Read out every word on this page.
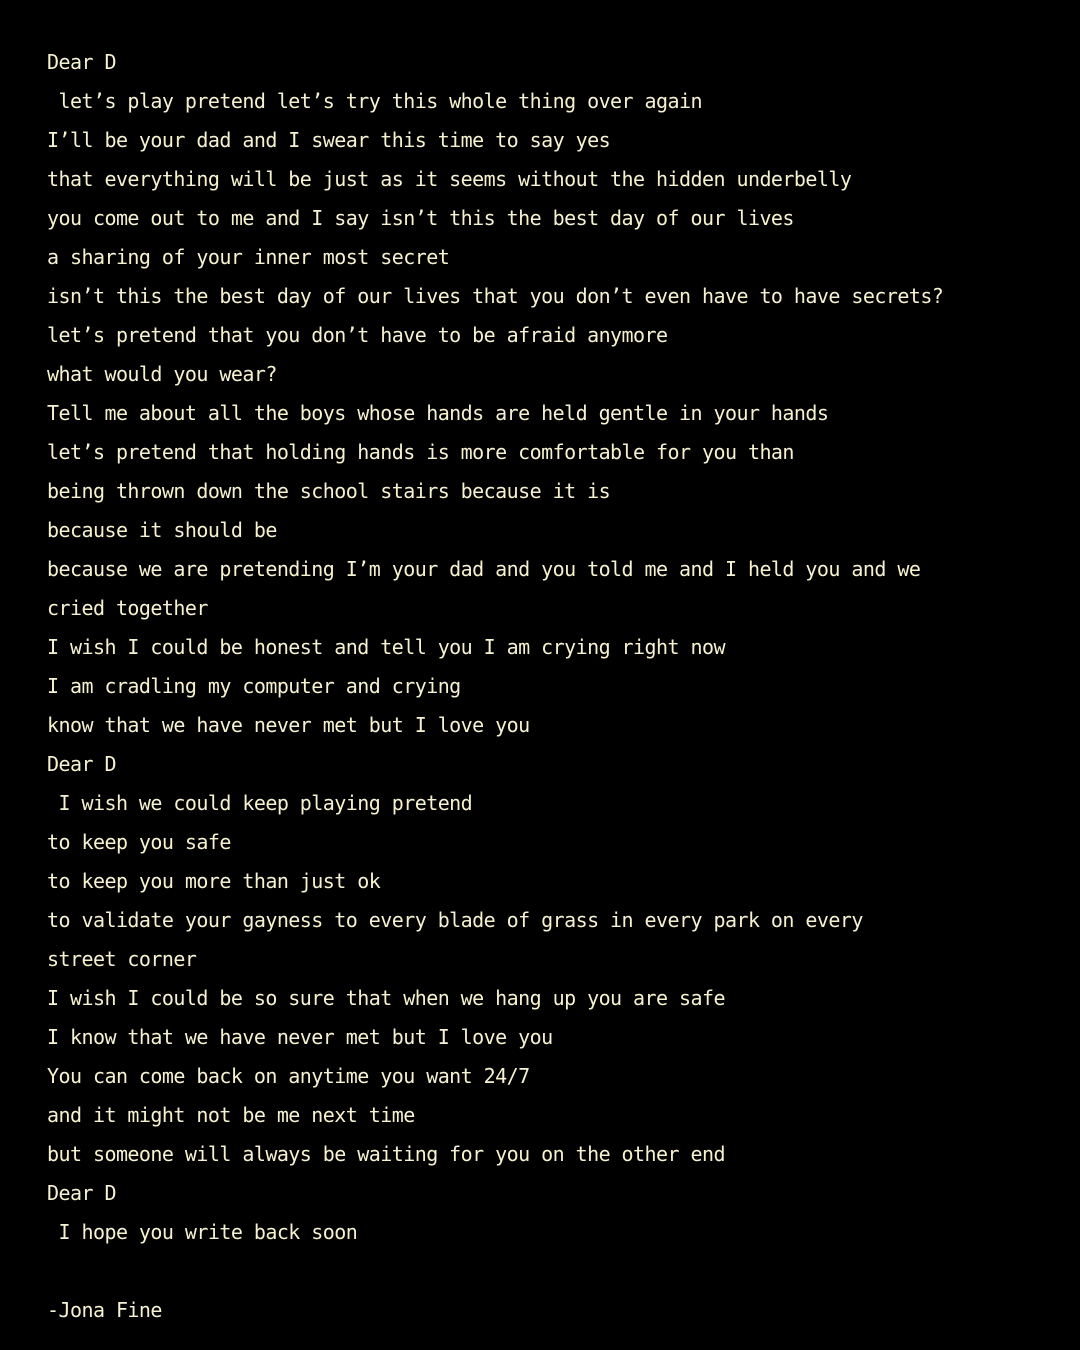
Dear D
let’s play pretend let’s try this whole thing over again
I’ll be your dad and I swear this time to say yes
that everything will be just as it seems without the hidden underbelly
you come out to me and I say isn’t this the best day of our lives
a sharing of your inner most secret
isn’t this the best day of our lives that you don’t even have to have secrets?
let’s pretend that you don’t have to be afraid anymore
what would you wear?
Tell me about all the boys whose hands are held gentle in your hands
let’s pretend that holding hands is more comfortable for you than
being thrown down the school stairs because it is
because it should be
because we are pretending I’m your dad and you told me and I held you and we
cried together
I wish I could be honest and tell you I am crying right now
I am cradling my computer and crying
know that we have never met but I love you
Dear D
I wish we could keep playing pretend
to keep you safe
to keep you more than just ok
to validate your gayness to every blade of grass in every park on every
street corner
I wish I could be so sure that when we hang up you are safe
I know that we have never met but I love you
You can come back on anytime you want 24/7
and it might not be me next time
but someone will always be waiting for you on the other end
Dear D
I hope you write back soon
-Jona Fine
